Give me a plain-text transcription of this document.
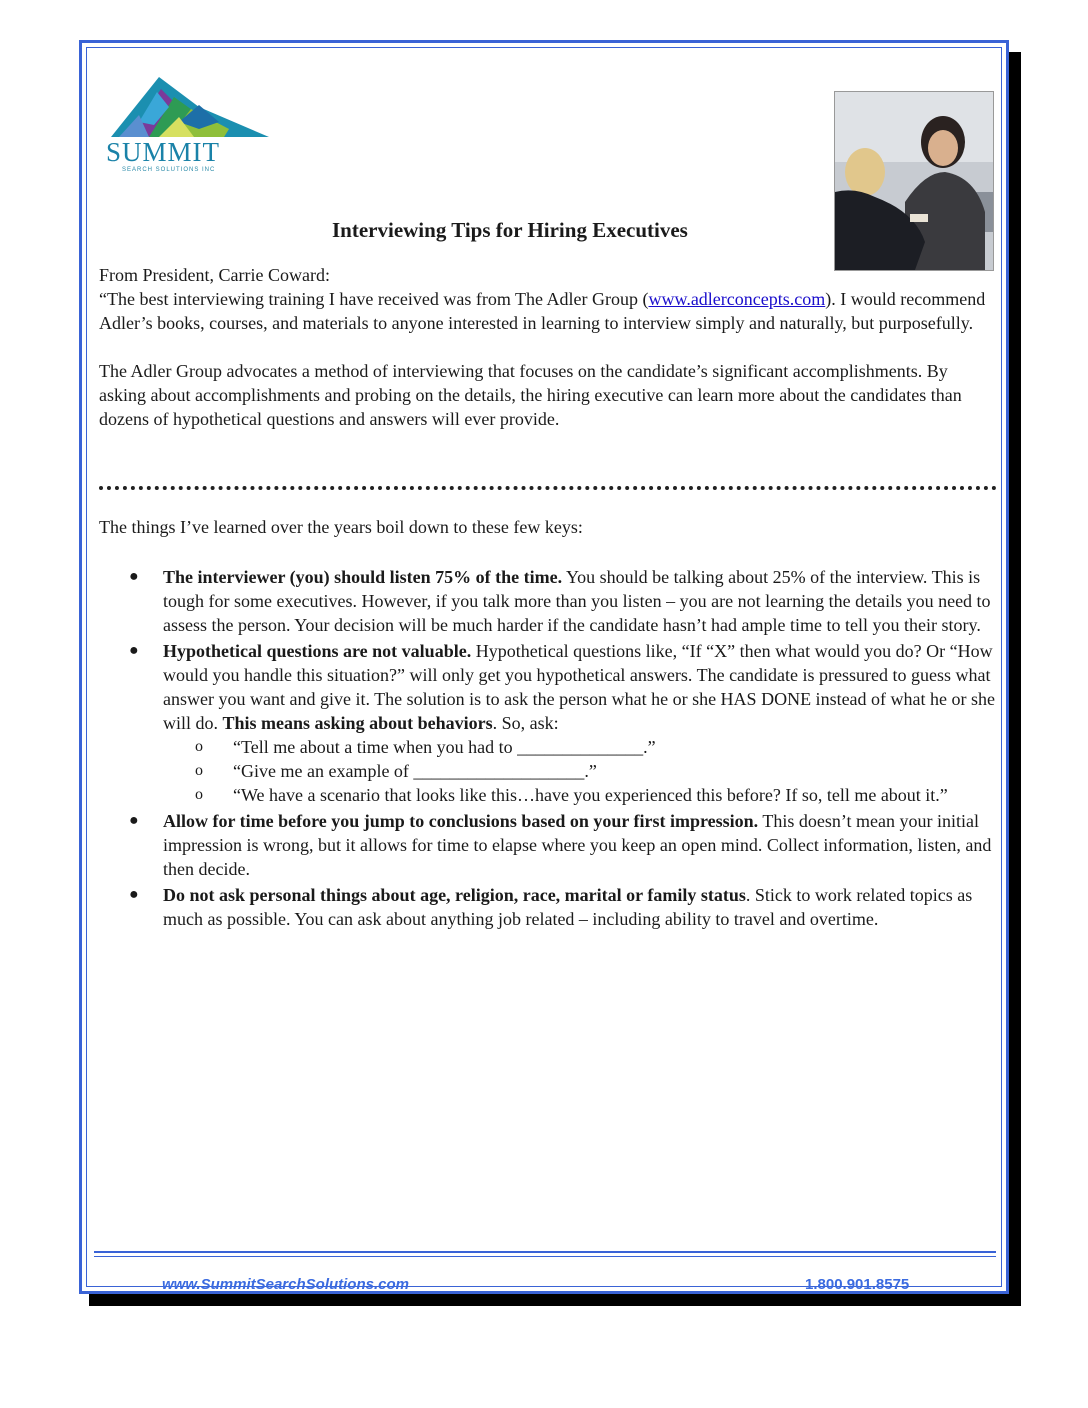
SUMMIT
SEARCH SOLUTIONS INC
Interviewing Tips for Hiring Executives

From President, Carrie Coward:

“The best interviewing training I have received was from The Adler Group (www.adlerconcepts.com). I would recommend Adler’s books, courses, and materials to anyone interested in learning to interview simply and naturally, but purposefully.

The Adler Group advocates a method of interviewing that focuses on the candidate’s significant accomplishments. By asking about accomplishments and probing on the details, the hiring executive can learn more about the candidates than dozens of hypothetical questions and answers will ever provide.

The things I’ve learned over the years boil down to these few keys:
● The interviewer (you) should listen 75% of the time. You should be talking about 25% of the interview. This is tough for some executives. However, if you talk more than you listen – you are not learning the details you need to assess the person. Your decision will be much harder if the candidate hasn’t had ample time to tell you their story.
● Hypothetical questions are not valuable. Hypothetical questions like, “If “X” then what would you do? Or “How would you handle this situation?” will only get you hypothetical answers. The candidate is pressured to guess what answer you want and give it. The solution is to ask the person what he or she HAS DONE instead of what he or she will do. This means asking about behaviors. So, ask:
o “Tell me about a time when you had to ______________.”
o “Give me an example of ___________________.”
o “We have a scenario that looks like this…have you experienced this before? If so, tell me about it.”
● Allow for time before you jump to conclusions based on your first impression. This doesn’t mean your initial impression is wrong, but it allows for time to elapse where you keep an open mind. Collect information, listen, and then decide.
● Do not ask personal things about age, religion, race, marital or family status. Stick to work related topics as much as possible. You can ask about anything job related – including ability to travel and overtime.
www.SummitSearchSolutions.com	1.800.901.8575
